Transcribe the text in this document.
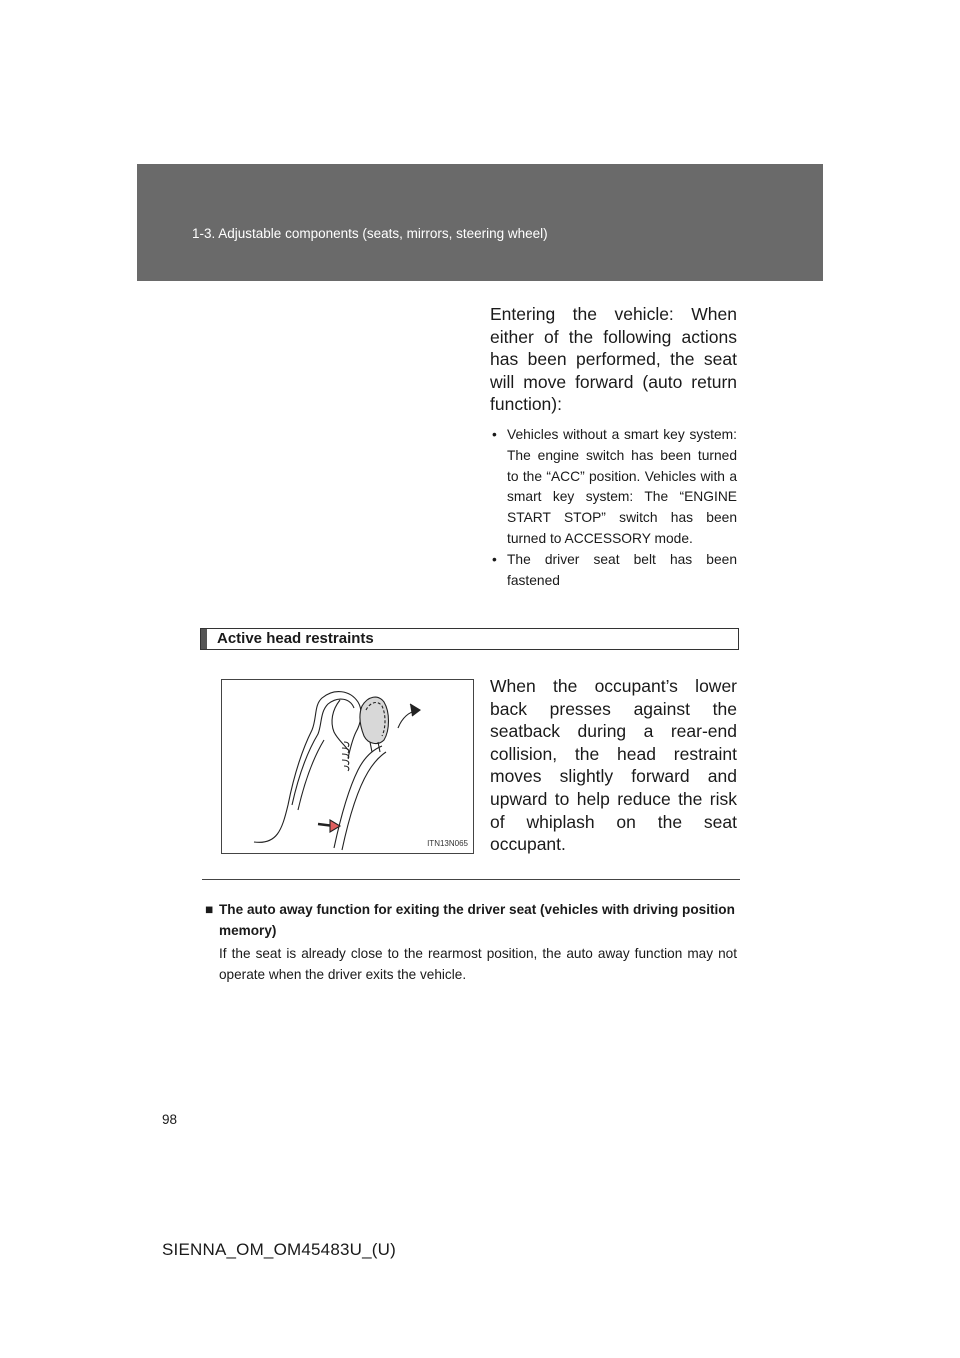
1-3. Adjustable components (seats, mirrors, steering wheel)
Entering the vehicle: When either of the following actions has been performed, the seat will move forward (auto return function):
• Vehicles without a smart key system: The engine switch has been turned to the “ACC” position. Vehicles with a smart key system: The “ENGINE START STOP” switch has been turned to ACCESSORY mode.
• The driver seat belt has been fastened
Active head restraints
ITN13N065
When the occupant’s lower back presses against the seatback during a rear-end collision, the head restraint moves slightly forward and upward to help reduce the risk of whiplash on the seat occupant.
■ The auto away function for exiting the driver seat (vehicles with driving position memory)
If the seat is already close to the rearmost position, the auto away function may not operate when the driver exits the vehicle.
98
SIENNA_OM_OM45483U_(U)
